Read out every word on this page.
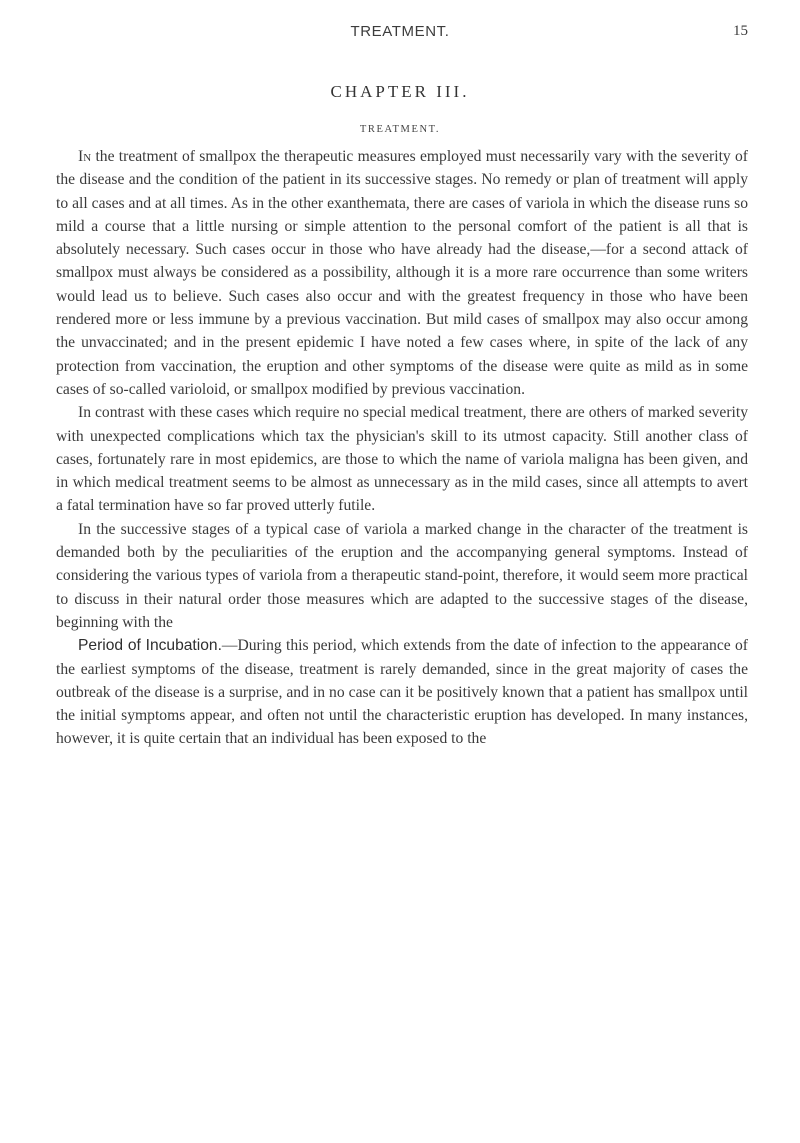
TREATMENT.	15
CHAPTER III.
TREATMENT.

In the treatment of smallpox the therapeutic measures employed must necessarily vary with the severity of the disease and the condition of the patient in its successive stages. No remedy or plan of treatment will apply to all cases and at all times. As in the other exanthemata, there are cases of variola in which the disease runs so mild a course that a little nursing or simple attention to the personal comfort of the patient is all that is absolutely necessary. Such cases occur in those who have already had the disease,—for a second attack of smallpox must always be considered as a possibility, although it is a more rare occurrence than some writers would lead us to believe. Such cases also occur and with the greatest frequency in those who have been rendered more or less immune by a previous vaccination. But mild cases of smallpox may also occur among the unvaccinated; and in the present epidemic I have noted a few cases where, in spite of the lack of any protection from vaccination, the eruption and other symptoms of the disease were quite as mild as in some cases of so-called varioloid, or smallpox modified by previous vaccination.

In contrast with these cases which require no special medical treatment, there are others of marked severity with unexpected complications which tax the physician's skill to its utmost capacity. Still another class of cases, fortunately rare in most epidemics, are those to which the name of variola maligna has been given, and in which medical treatment seems to be almost as unnecessary as in the mild cases, since all attempts to avert a fatal termination have so far proved utterly futile.

In the successive stages of a typical case of variola a marked change in the character of the treatment is demanded both by the peculiarities of the eruption and the accompanying general symptoms. Instead of considering the various types of variola from a therapeutic stand-point, therefore, it would seem more practical to discuss in their natural order those measures which are adapted to the successive stages of the disease, beginning with the

Period of Incubation.—During this period, which extends from the date of infection to the appearance of the earliest symptoms of the disease, treatment is rarely demanded, since in the great majority of cases the outbreak of the disease is a surprise, and in no case can it be positively known that a patient has smallpox until the initial symptoms appear, and often not until the characteristic eruption has developed. In many instances, however, it is quite certain that an individual has been exposed to the
